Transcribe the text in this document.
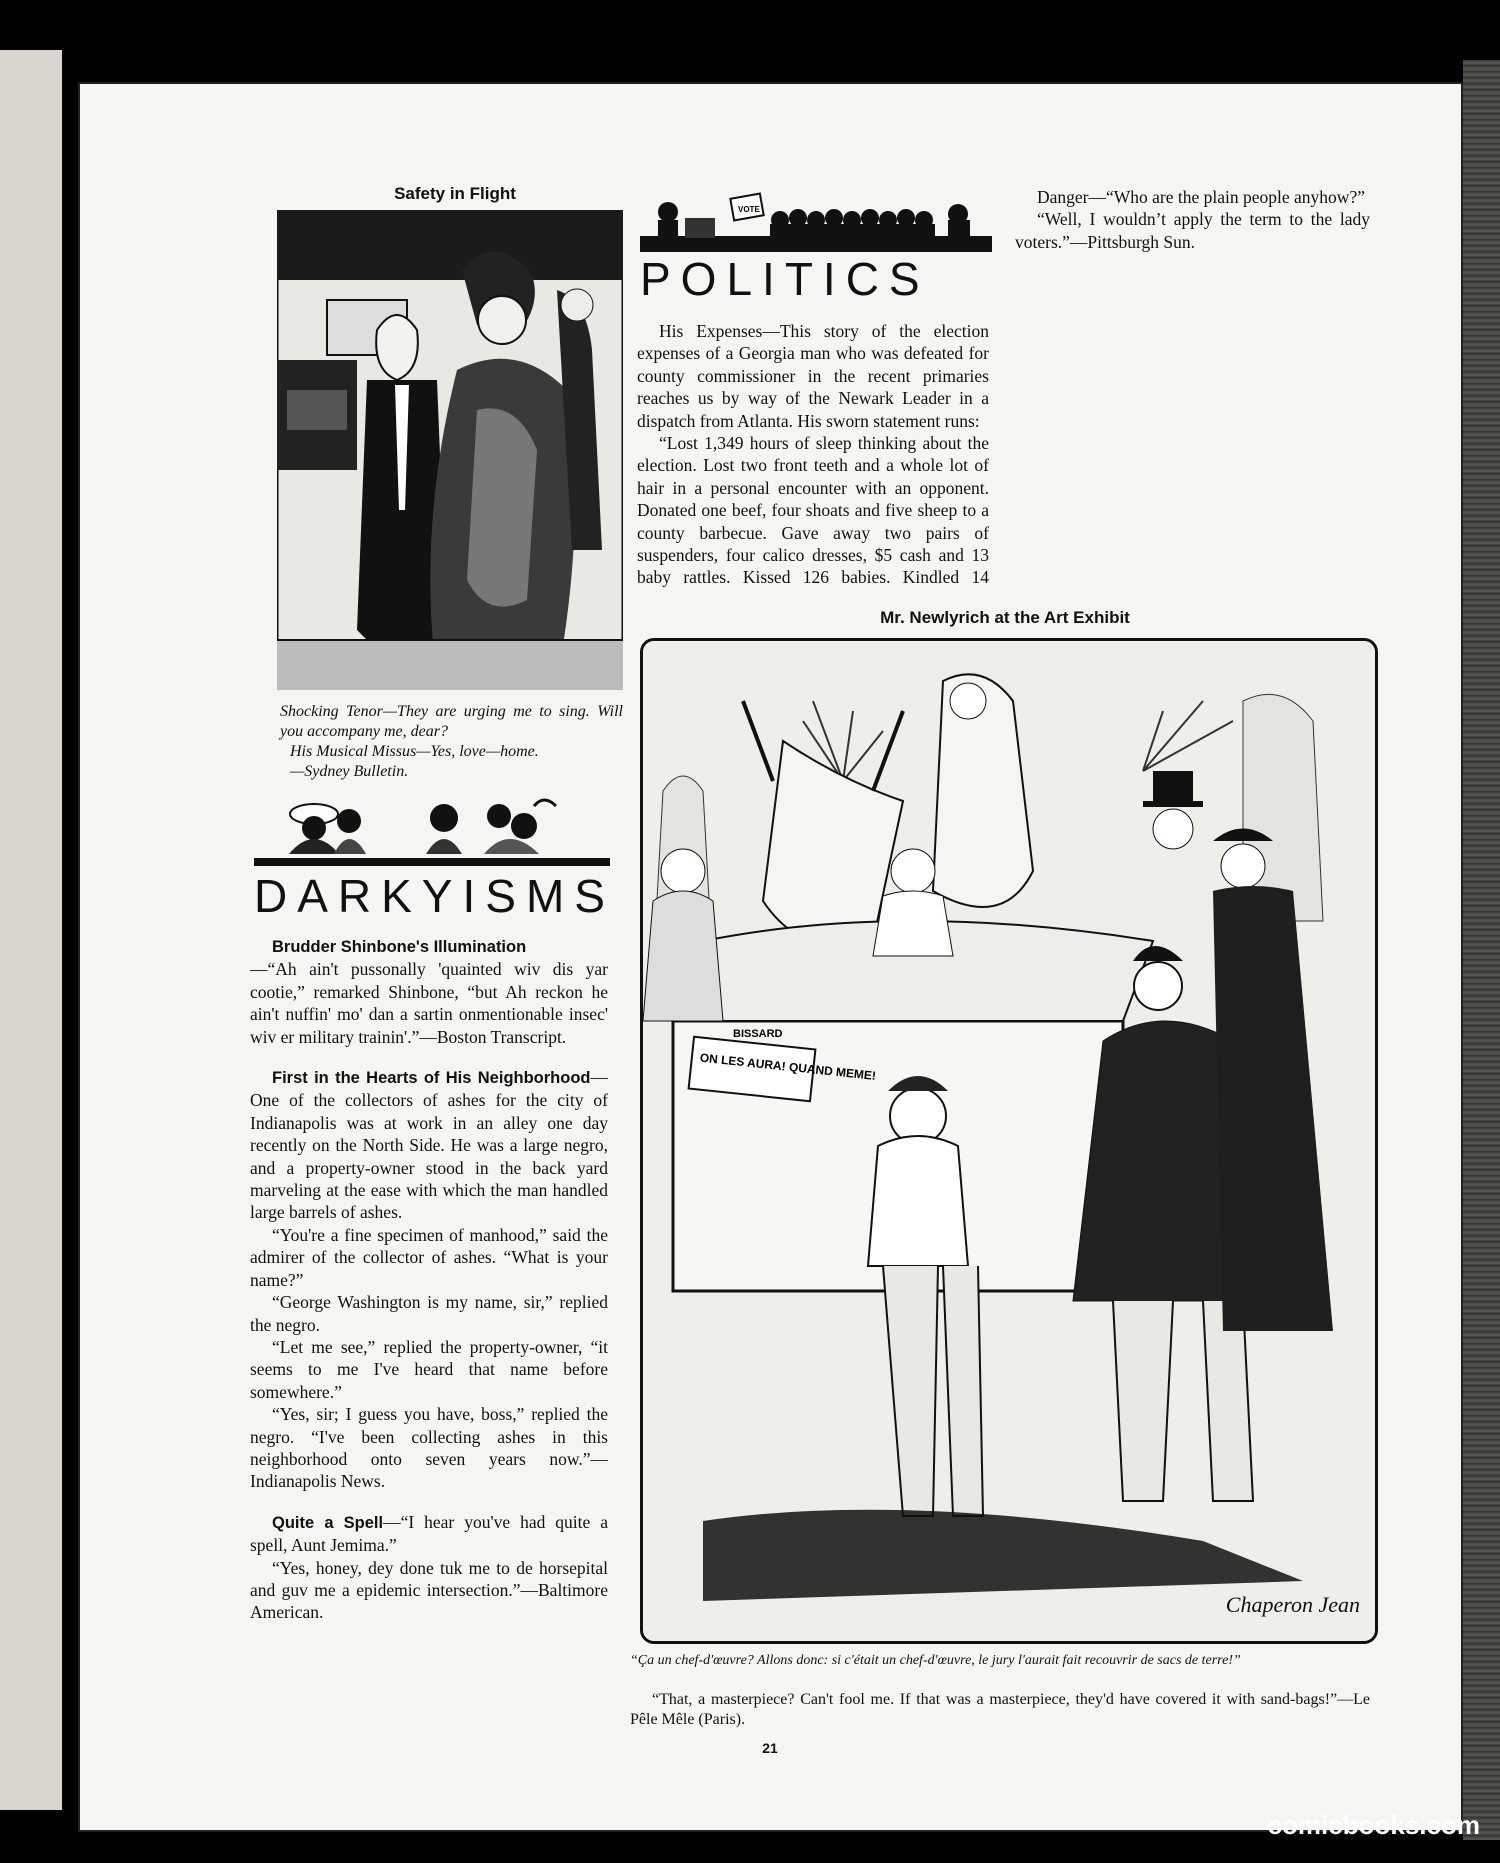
Safety in Flight
Shocking Tenor—They are urging me to sing. Will you accompany me, dear?
His Musical Missus—Yes, love—home.
—Sydney Bulletin.
DARKYISMS

Brudder Shinbone's Illumination

—“Ah ain't pussonally 'quainted wiv dis yar cootie,” remarked Shinbone, “but Ah reckon he ain't nuffin' mo' dan a sartin onmentionable insec' wiv er military trainin'.”—Boston Transcript.

First in the Hearts of His Neighborhood—One of the collectors of ashes for the city of Indianapolis was at work in an alley one day recently on the North Side. He was a large negro, and a property-owner stood in the back yard marveling at the ease with which the man handled large barrels of ashes.

“You're a fine specimen of manhood,” said the admirer of the collector of ashes. “What is your name?”

“George Washington is my name, sir,” replied the negro.

“Let me see,” replied the property-owner, “it seems to me I've heard that name before somewhere.”

“Yes, sir; I guess you have, boss,” replied the negro. “I've been collecting ashes in this neighborhood onto seven years now.”—Indianapolis News.

Quite a Spell—“I hear you've had quite a spell, Aunt Jemima.”

“Yes, honey, dey done tuk me to de horsepital and guv me a epidemic intersection.”—Baltimore American.

VOTE
POLITICS

His Expenses—This story of the election expenses of a Georgia man who was defeated for county commissioner in the recent primaries reaches us by way of the Newark Leader in a dispatch from Atlanta. His sworn statement runs:

“Lost 1,349 hours of sleep thinking about the election. Lost two front teeth and a whole lot of hair in a personal encounter with an opponent. Donated one beef, four shoats and five sheep to a county barbecue. Gave away two pairs of suspenders, four calico dresses, $5 cash and 13 baby rattles. Kissed 126 babies. Kindled 14

Danger—“Who are the plain people anyhow?”

“Well, I wouldn’t apply the term to the lady voters.”—Pittsburgh Sun.

Mr. Newlyrich at the Art Exhibit
ON LES AURA! QUAND MEME!
BISSARD
Chaperon Jean
“Ça un chef-d'œuvre? Allons donc: si c'était un chef-d'œuvre, le jury l'aurait fait recouvrir de sacs de terre!”

“That, a masterpiece? Can't fool me. If that was a masterpiece, they'd have covered it with sand-bags!”—Le Pêle Mêle (Paris).

21
comicbooks.com
